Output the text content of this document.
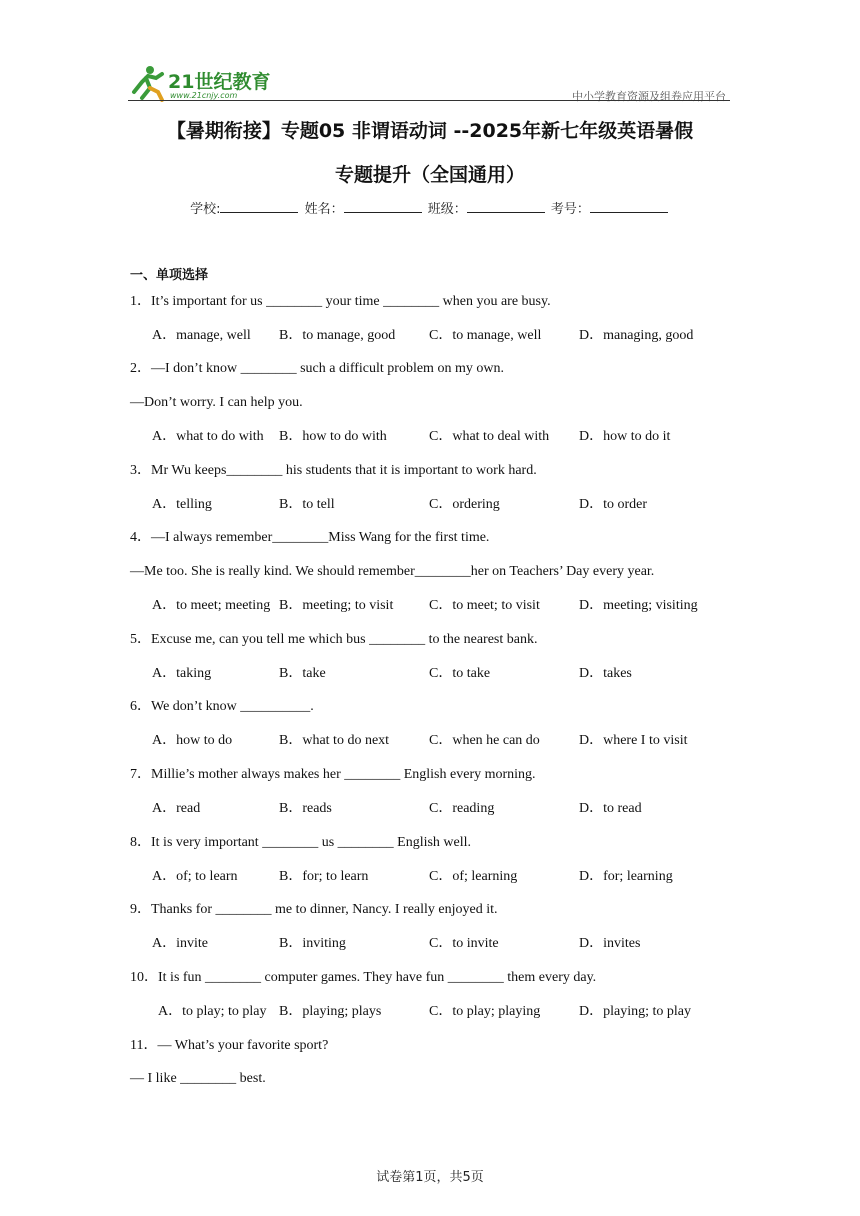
21世纪教育
www.21cnjy.com	中小学教育资源及组卷应用平台
【暑期衔接】专题05 非谓语动词 --2025年新七年级英语暑假
专题提升（全国通用）
学校:	姓名：	班级：	考号：
一、单项选择
1．It’s important for us ________ your time ________ when you are busy.
A．manage, well B．to manage, good C．to manage, well	D．managing, good
2．—I don’t know ________ such a difficult problem on my own.
—Don’t worry. I can help you.
A．what to do with B．how to do with	C．what to deal with D．how to do it
3．Mr Wu keeps________ his students that it is important to work hard.
A．telling	B．to tell	C．ordering	D．to order
4．—I always remember________Miss Wang for the first time.
—Me too. She is really kind. We should remember________her on Teachers’ Day every year.
A．to meet; meeting B．meeting; to visit	C．to meet; to visit	D．meeting; visiting
5．Excuse me, can you tell me which bus ________ to the nearest bank.
A．taking	B．take	C．to take	D．takes
6．We don’t know __________.
A．how to do	B．what to do next	C．when he can do	D．where I to visit
7．Millie’s mother always makes her ________ English every morning.
A．read	B．reads	C．reading	D．to read
8．It is very important ________ us ________ English well.
A．of; to learn	B．for; to learn	C．of; learning	D．for; learning
9．Thanks for ________ me to dinner, Nancy. I really enjoyed it.
A．invite	B．inviting	C．to invite	D．invites
10．It is fun ________ computer games. They have fun ________ them every day.
A．to play; to play B．playing; plays	C．to play; playing	D．playing; to play
11．— What’s your favorite sport?
— I like ________ best.
试卷第1页，共5页
